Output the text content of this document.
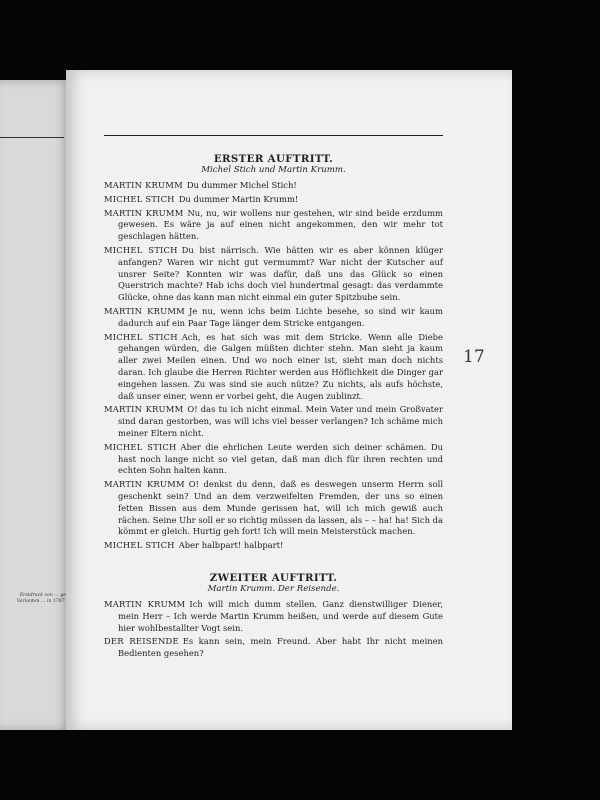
Erstdruck von … ge Varianten … in 1767.
17
ERSTER AUFTRITT.
Michel Stich und Martin Krumm.
MARTIN KRUMM Du dummer Michel Stich!
MICHEL STICH Du dummer Martin Krumm!
MARTIN KRUMM Nu, nu, wir wollens nur gestehen, wir sind beide erzdumm gewesen. Es wäre ja auf einen nicht angekommen, den wir mehr tot geschlagen hätten.
MICHEL STICH Du bist närrisch. Wie hätten wir es aber können klüger anfangen? Waren wir nicht gut vermummt? War nicht der Kutscher auf unsrer Seite? Konnten wir was dafür, daß uns das Glück so einen Querstrich machte? Hab ichs doch viel hundertmal gesagt: das verdammte Glücke, ohne das kann man nicht einmal ein guter Spitzbube sein.
MARTIN KRUMM Je nu, wenn ichs beim Lichte besehe, so sind wir kaum dadurch auf ein Paar Tage länger dem Stricke entgangen.
MICHEL STICH Ach, es hat sich was mit dem Stricke. Wenn alle Diebe gehangen würden, die Galgen müßten dichter stehn. Man sieht ja kaum aller zwei Meilen einen. Und wo noch einer ist, sieht man doch nichts daran. Ich glaube die Herren Richter werden aus Höflichkeit die Dinger gar eingehen lassen. Zu was sind sie auch nütze? Zu nichts, als aufs höchste, daß unser einer, wenn er vorbei geht, die Augen zublinzt.
MARTIN KRUMM O! das tu ich nicht einmal. Mein Vater und mein Großvater sind daran gestorben, was will ichs viel besser verlangen? Ich schäme mich meiner Eltern nicht.
MICHEL STICH Aber die ehrlichen Leute werden sich deiner schämen. Du hast noch lange nicht so viel getan, daß man dich für ihren rechten und echten Sohn halten kann.
MARTIN KRUMM O! denkst du denn, daß es deswegen unserm Herrn soll geschenkt sein? Und an dem verzweifelten Fremden, der uns so einen fetten Bissen aus dem Munde gerissen hat, will ich mich gewiß auch rächen. Seine Uhr soll er so richtig müssen da lassen, als – – ha! ha! Sich da kömmt er gleich. Hurtig geh fort! Ich will mein Meisterstück machen.
MICHEL STICH Aber halbpart! halbpart!
ZWEITER AUFTRITT.
Martin Krumm. Der Reisende.
MARTIN KRUMM Ich will mich dumm stellen. Ganz dienstwilliger Diener, mein Herr – Ich werde Martin Krumm heißen, und werde auf diesem Gute hier wohlbestallter Vogt sein.
DER REISENDE Es kann sein, mein Freund. Aber habt Ihr nicht meinen Bedienten gesehen?
